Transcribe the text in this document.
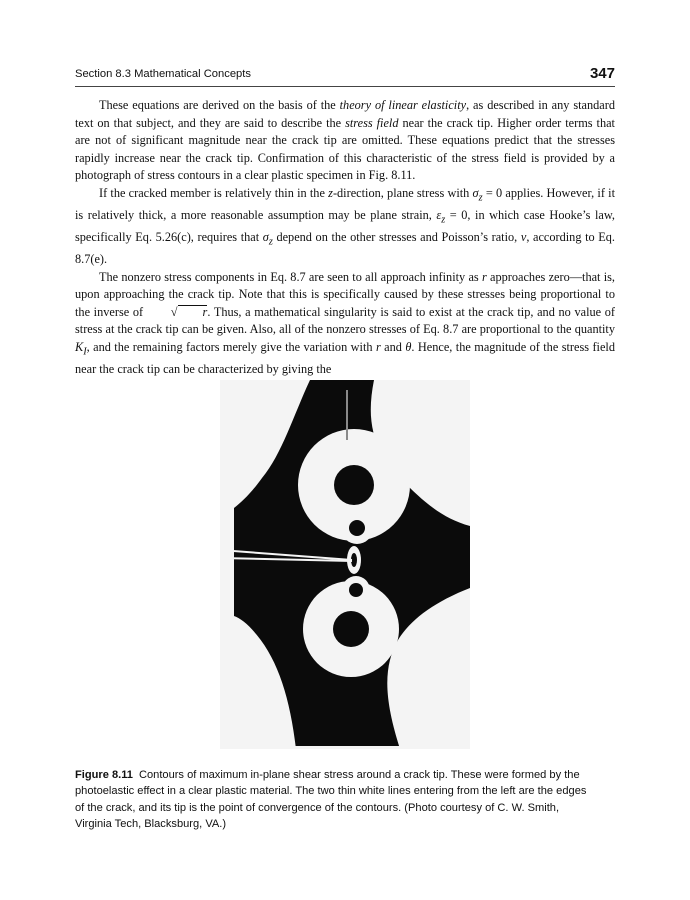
Section 8.3 Mathematical Concepts	347

These equations are derived on the basis of the theory of linear elasticity, as described in any standard text on that subject, and they are said to describe the stress field near the crack tip. Higher order terms that are not of significant magnitude near the crack tip are omitted. These equations predict that the stresses rapidly increase near the crack tip. Confirmation of this characteristic of the stress field is provided by a photograph of stress contours in a clear plastic specimen in Fig. 8.11.

If the cracked member is relatively thin in the z-direction, plane stress with $\sigma_z = 0$ applies. However, if it is relatively thick, a more reasonable assumption may be plane strain, $\varepsilon_z = 0$, in which case Hooke’s law, specifically Eq. 5.26(c), requires that $\sigma_z$ depend on the other stresses and Poisson’s ratio, ν, according to Eq. 8.7(e).

The nonzero stress components in Eq. 8.7 are seen to all approach infinity as r approaches zero—that is, upon approaching the crack tip. Note that this is specifically caused by these stresses being proportional to the inverse of √ r. Thus, a mathematical singularity is said to exist at the crack tip, and no value of stress at the crack tip can be given. Also, all of the nonzero stresses of Eq. 8.7 are proportional to the quantity $K_I$, and the remaining factors merely give the variation with r and θ. Hence, the magnitude of the stress field near the crack tip can be characterized by giving the

Figure 8.11 Contours of maximum in-plane shear stress around a crack tip. These were formed by the photoelastic effect in a clear plastic material. The two thin white lines entering from the left are the edges of the crack, and its tip is the point of convergence of the contours. (Photo courtesy of C. W. Smith, Virginia Tech, Blacksburg, VA.)
